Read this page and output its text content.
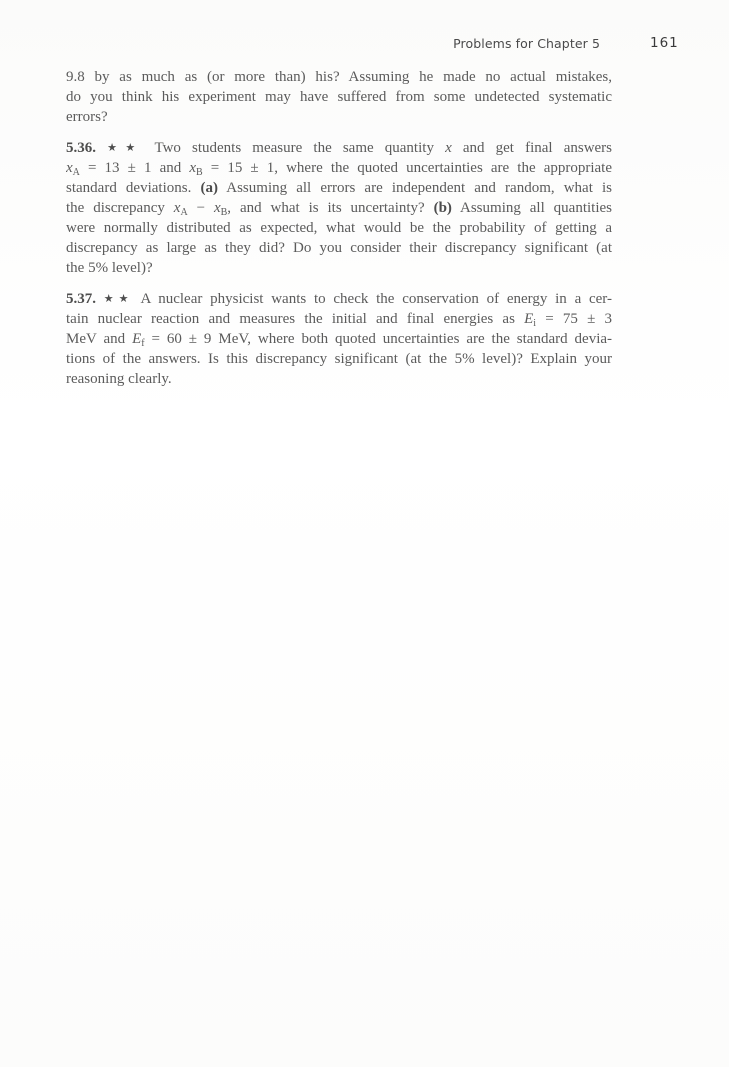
Problems for Chapter 5	161
9.8 by as much as (or more than) his? Assuming he made no actual mistakes,
do you think his experiment may have suffered from some undetected systematic
errors?
5.36. ★★ Two students measure the same quantity x and get final answers
$x_A = 13 \pm 1$ and $x_B = 15 \pm 1$, where the quoted uncertainties are the appropriate
standard deviations. (a) Assuming all errors are independent and random, what is
the discrepancy $x_A - x_B$, and what is its uncertainty? (b) Assuming all quantities
were normally distributed as expected, what would be the probability of getting a
discrepancy as large as they did? Do you consider their discrepancy significant (at
the 5% level)?
5.37. ★★ A nuclear physicist wants to check the conservation of energy in a cer-
tain nuclear reaction and measures the initial and final energies as $E_i = 75 \pm 3$
MeV and $E_f = 60 \pm 9$ MeV, where both quoted uncertainties are the standard devia-
tions of the answers. Is this discrepancy significant (at the 5% level)? Explain your
reasoning clearly.
